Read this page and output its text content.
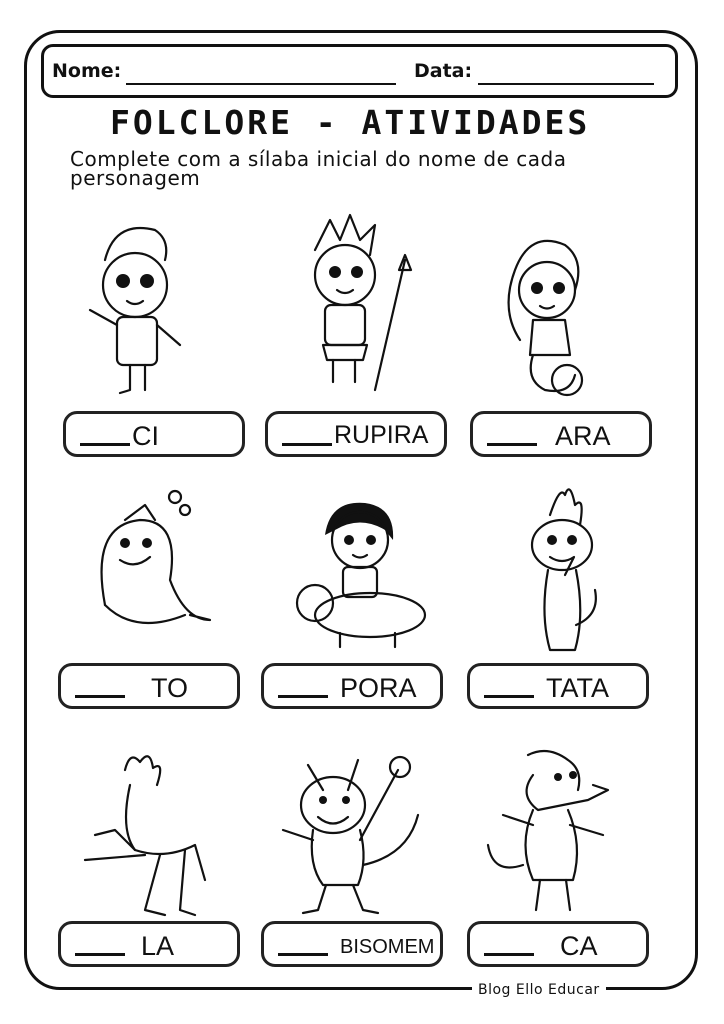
Nome:	Data:
FOLCLORE - ATIVIDADES
Complete com a sílaba inicial do nome de cada personagem
CI	RUPIRA	ARA
TO	PORA	TATA
LA	BISOMEM	CA
Blog Ello Educar
